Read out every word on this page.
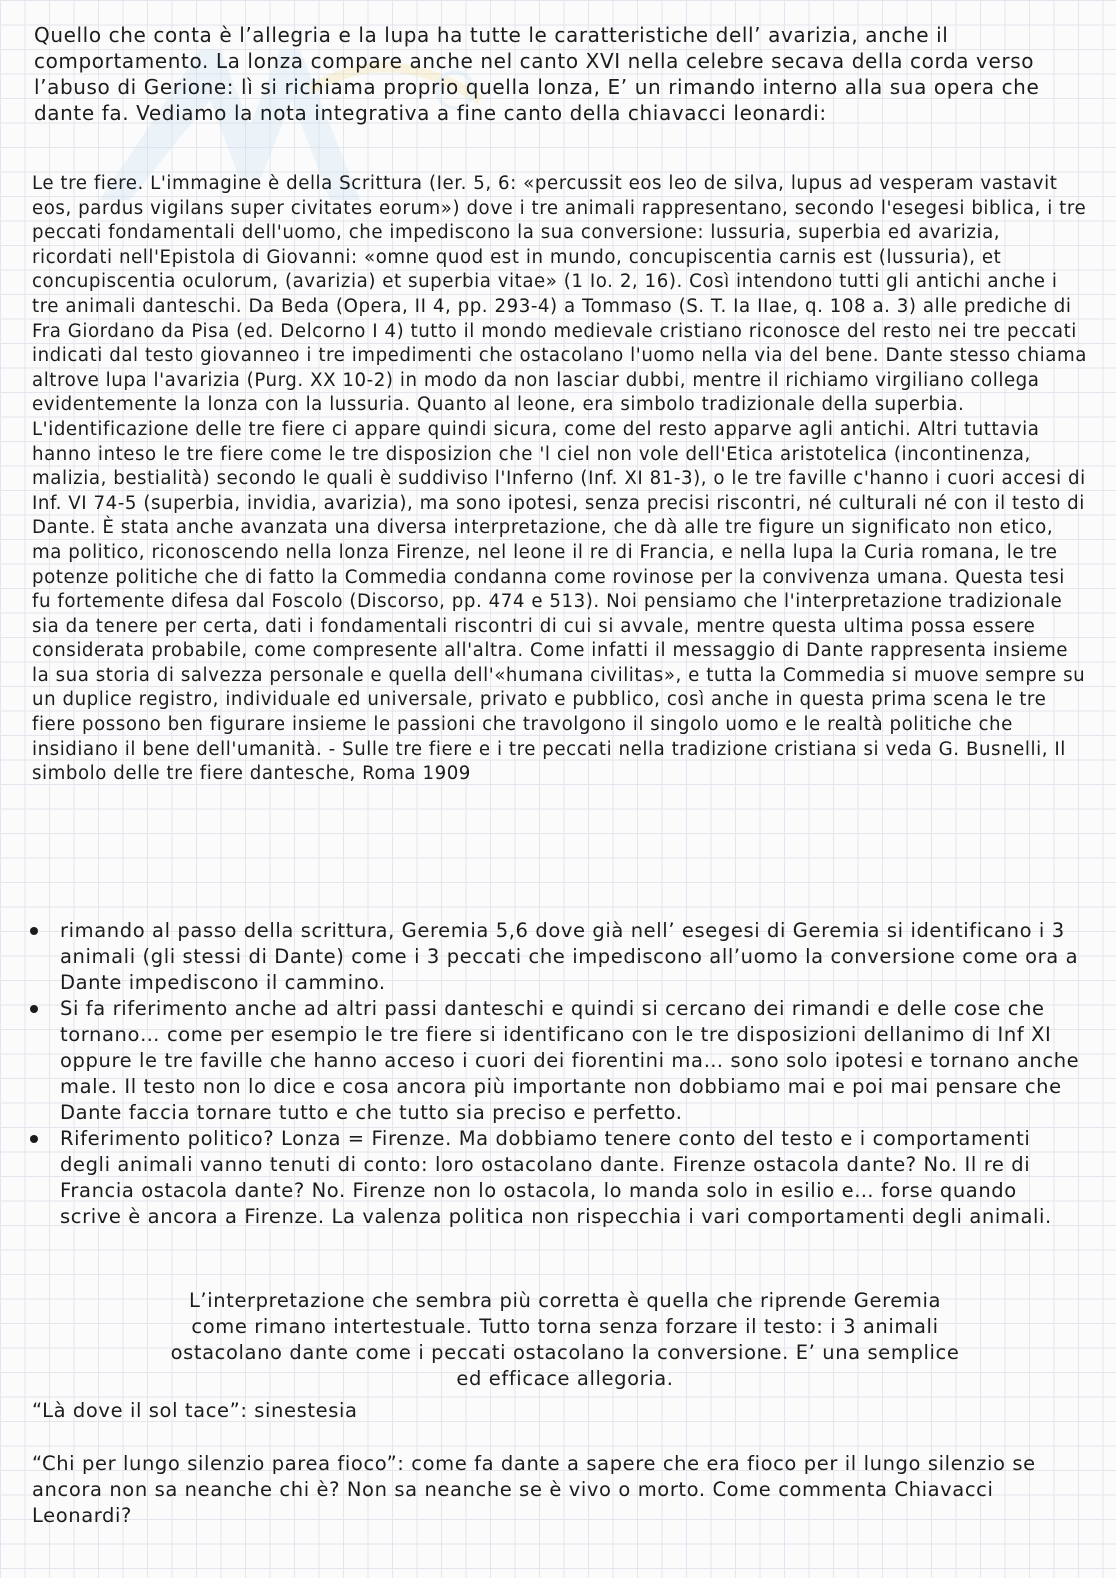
Quello che conta è l’allegria e la lupa ha tutte le caratteristiche dell’ avarizia, anche il comportamento. La lonza compare anche nel canto XVI nella celebre secava della corda verso l’abuso di Gerione: lì si richiama proprio quella lonza, E’ un rimando interno alla sua opera che dante fa. Vediamo la nota integrativa a fine canto della chiavacci leonardi:

Le tre fiere. L'immagine è della Scrittura (Ier. 5, 6: «percussit eos leo de silva, lupus ad vesperam vastavit eos, pardus vigilans super civitates eorum») dove i tre animali rappresentano, secondo l'esegesi biblica, i tre peccati fondamentali dell'uomo, che impediscono la sua conversione: lussuria, superbia ed avarizia, ricordati nell'Epistola di Giovanni: «omne quod est in mundo, concupiscentia carnis est (lussuria), et concupiscentia oculorum, (avarizia) et superbia vitae» (1 Io. 2, 16). Così intendono tutti gli antichi anche i tre animali danteschi. Da Beda (Opera, II 4, pp. 293-4) a Tommaso (S. T. Ia IIae, q. 108 a. 3) alle prediche di Fra Giordano da Pisa (ed. Delcorno I 4) tutto il mondo medievale cristiano riconosce del resto nei tre peccati indicati dal testo giovanneo i tre impedimenti che ostacolano l'uomo nella via del bene. Dante stesso chiama altrove lupa l'avarizia (Purg. XX 10-2) in modo da non lasciar dubbi, mentre il richiamo virgiliano collega evidentemente la lonza con la lussuria. Quanto al leone, era simbolo tradizionale della superbia. L'identificazione delle tre fiere ci appare quindi sicura, come del resto apparve agli antichi. Altri tuttavia hanno inteso le tre fiere come le tre disposizion che 'l ciel non vole dell'Etica aristotelica (incontinenza, malizia, bestialità) secondo le quali è suddiviso l'Inferno (Inf. XI 81-3), o le tre faville c'hanno i cuori accesi di Inf. VI 74-5 (superbia, invidia, avarizia), ma sono ipotesi, senza precisi riscontri, né culturali né con il testo di Dante. È stata anche avanzata una diversa interpretazione, che dà alle tre figure un significato non etico, ma politico, riconoscendo nella lonza Firenze, nel leone il re di Francia, e nella lupa la Curia romana, le tre potenze politiche che di fatto la Commedia condanna come rovinose per la convivenza umana. Questa tesi fu fortemente difesa dal Foscolo (Discorso, pp. 474 e 513). Noi pensiamo che l'interpretazione tradizionale sia da tenere per certa, dati i fondamentali riscontri di cui si avvale, mentre questa ultima possa essere considerata probabile, come compresente all'altra. Come infatti il messaggio di Dante rappresenta insieme la sua storia di salvezza personale e quella dell'«humana civilitas», e tutta la Commedia si muove sempre su un duplice registro, individuale ed universale, privato e pubblico, così anche in questa prima scena le tre fiere possono ben figurare insieme le passioni che travolgono il singolo uomo e le realtà politiche che insidiano il bene dell'umanità. - Sulle tre fiere e i tre peccati nella tradizione cristiana si veda G. Busnelli, Il simbolo delle tre fiere dantesche, Roma 1909

rimando al passo della scrittura, Geremia 5,6 dove già nell’ esegesi di Geremia si identificano i 3 animali (gli stessi di Dante) come i 3 peccati che impediscono all’uomo la conversione come ora a Dante impediscono il cammino.
Si fa riferimento anche ad altri passi danteschi e quindi si cercano dei rimandi e delle cose che tornano… come per esempio le tre fiere si identificano con le tre disposizioni dellanimo di Inf XI oppure le tre faville che hanno acceso i cuori dei fiorentini ma… sono solo ipotesi e tornano anche male. Il testo non lo dice e cosa ancora più importante non dobbiamo mai e poi mai pensare che Dante faccia tornare tutto e che tutto sia preciso e perfetto.
Riferimento politico? Lonza = Firenze. Ma dobbiamo tenere conto del testo e i comportamenti degli animali vanno tenuti di conto: loro ostacolano dante. Firenze ostacola dante? No. Il re di Francia ostacola dante? No. Firenze non lo ostacola, lo manda solo in esilio e… forse quando scrive è ancora a Firenze. La valenza politica non rispecchia i vari comportamenti degli animali.

L’interpretazione che sembra più corretta è quella che riprende Geremia come rimano intertestuale. Tutto torna senza forzare il testo: i 3 animali ostacolano dante come i peccati ostacolano la conversione. E’ una semplice ed efficace allegoria.

“Là dove il sol tace”: sinestesia

“Chi per lungo silenzio parea fioco”: come fa dante a sapere che era fioco per il lungo silenzio se ancora non sa neanche chi è? Non sa neanche se è vivo o morto. Come commenta Chiavacci Leonardi?
